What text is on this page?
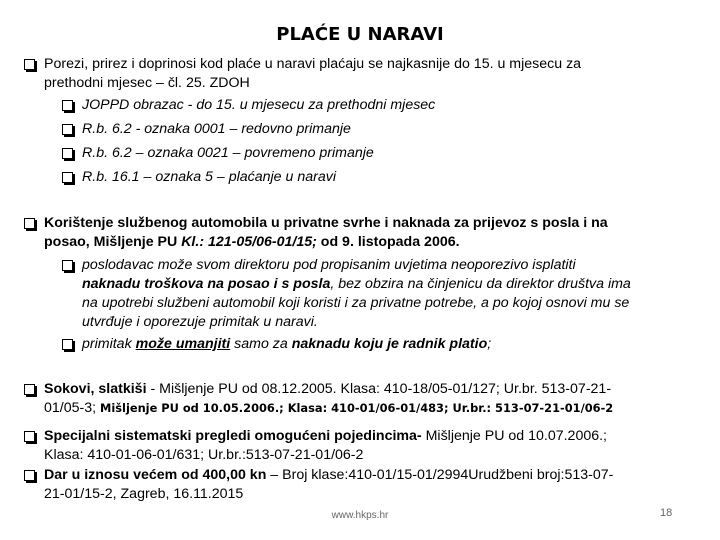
PLAĆE U NARAVI
Porezi, prirez i doprinosi kod plaće u naravi plaćaju se najkasnije do 15. u mjesecu za
prethodni mjesec – čl. 25. ZDOH
JOPPD obrazac - do 15. u mjesecu za prethodni mjesec
R.b. 6.2 - oznaka 0001 – redovno primanje
R.b. 6.2 – oznaka 0021 – povremeno primanje
R.b. 16.1 – oznaka 5 – plaćanje u naravi
Korištenje službenog automobila u privatne svrhe i naknada za prijevoz s posla i na
posao, Mišljenje PU Kl.: 121-05/06-01/15; od 9. listopada 2006.
poslodavac može svom direktoru pod propisanim uvjetima neoporezivo isplatiti
naknadu troškova na posao i s posla, bez obzira na činjenicu da direktor društva ima
na upotrebi službeni automobil koji koristi i za privatne potrebe, a po kojoj osnovi mu se
utvrđuje i oporezuje primitak u naravi.
primitak može umanjiti samo za naknadu koju je radnik platio;
Sokovi, slatkiši - Mišljenje PU od 08.12.2005. Klasa: 410-18/05-01/127; Ur.br. 513-07-21-
01/05-3; Mišljenje PU od 10.05.2006.; Klasa: 410-01/06-01/483; Ur.br.: 513-07-21-01/06-2
Specijalni sistematski pregledi omogućeni pojedincima- Mišljenje PU od 10.07.2006.;
Klasa: 410-01-06-01/631; Ur.br.:513-07-21-01/06-2
Dar u iznosu većem od 400,00 kn – Broj klase:410-01/15-01/2994Urudžbeni broj:513-07-
21-01/15-2, Zagreb, 16.11.2015
www.hkps.hr	18
